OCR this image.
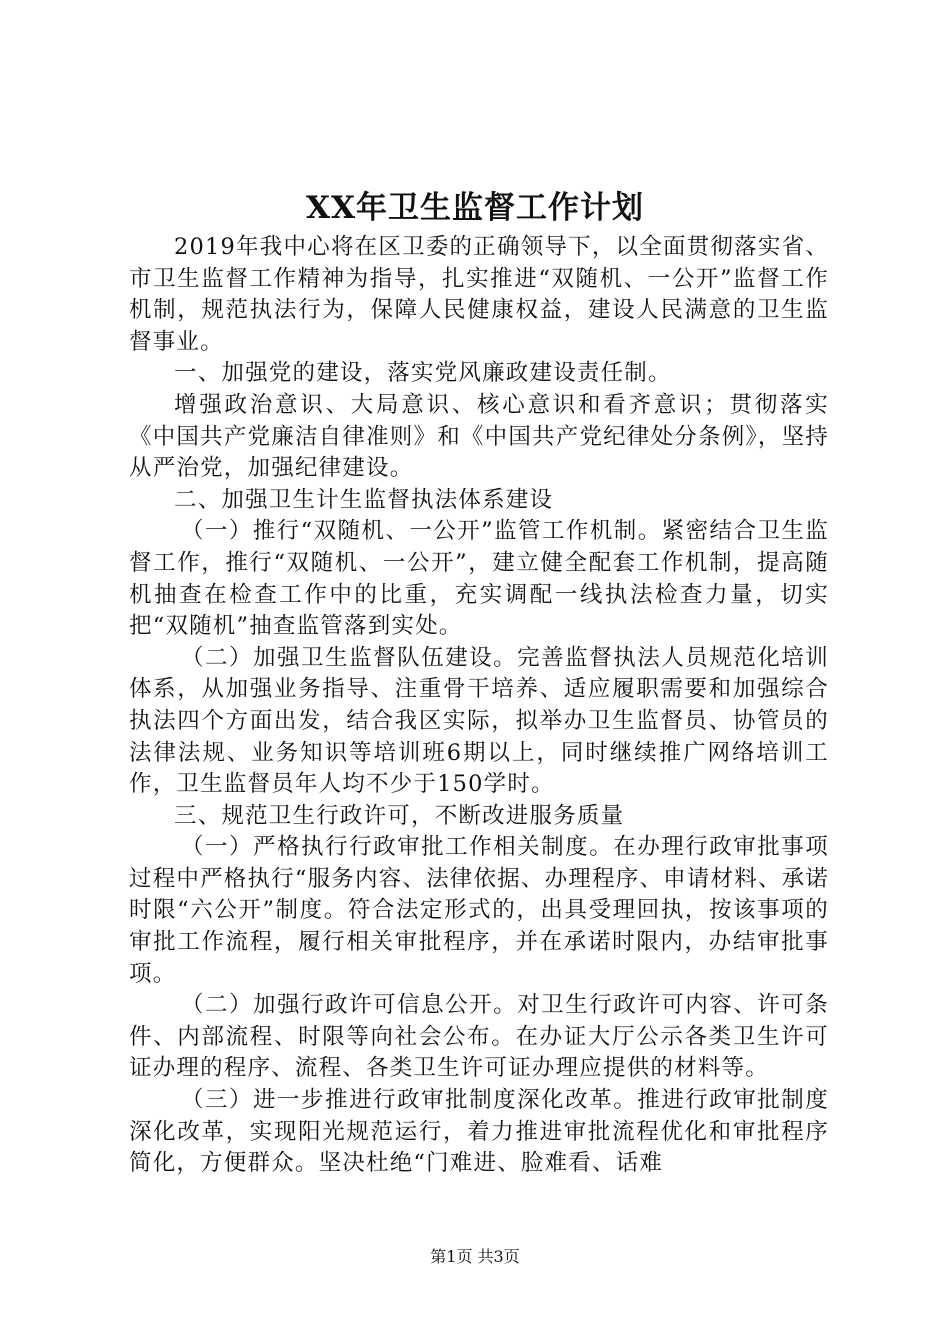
XX年卫生监督工作计划

2019年我中心将在区卫委的正确领导下，以全面贯彻落实省、市卫生监督工作精神为指导，扎实推进“双随机、一公开”监督工作机制，规范执法行为，保障人民健康权益，建设人民满意的卫生监督事业。

一、加强党的建设，落实党风廉政建设责任制。

增强政治意识、大局意识、核心意识和看齐意识；贯彻落实《中国共产党廉洁自律准则》和《中国共产党纪律处分条例》，坚持从严治党，加强纪律建设。

二、加强卫生计生监督执法体系建设

（一）推行“双随机、一公开”监管工作机制。紧密结合卫生监督工作，推行“双随机、一公开”，建立健全配套工作机制，提高随机抽查在检查工作中的比重，充实调配一线执法检查力量，切实把“双随机”抽查监管落到实处。

（二）加强卫生监督队伍建设。完善监督执法人员规范化培训体系，从加强业务指导、注重骨干培养、适应履职需要和加强综合执法四个方面出发，结合我区实际，拟举办卫生监督员、协管员的法律法规、业务知识等培训班6期以上，同时继续推广网络培训工作，卫生监督员年人均不少于150学时。

三、规范卫生行政许可，不断改进服务质量

（一）严格执行行政审批工作相关制度。在办理行政审批事项过程中严格执行“服务内容、法律依据、办理程序、申请材料、承诺时限“六公开”制度。符合法定形式的，出具受理回执，按该事项的审批工作流程，履行相关审批程序，并在承诺时限内，办结审批事项。

（二）加强行政许可信息公开。对卫生行政许可内容、许可条件、内部流程、时限等向社会公布。在办证大厅公示各类卫生许可证办理的程序、流程、各类卫生许可证办理应提供的材料等。

（三）进一步推进行政审批制度深化改革。推进行政审批制度深化改革，实现阳光规范运行，着力推进审批流程优化和审批程序简化，方便群众。坚决杜绝“门难进、脸难看、话难

第1页 共3页
